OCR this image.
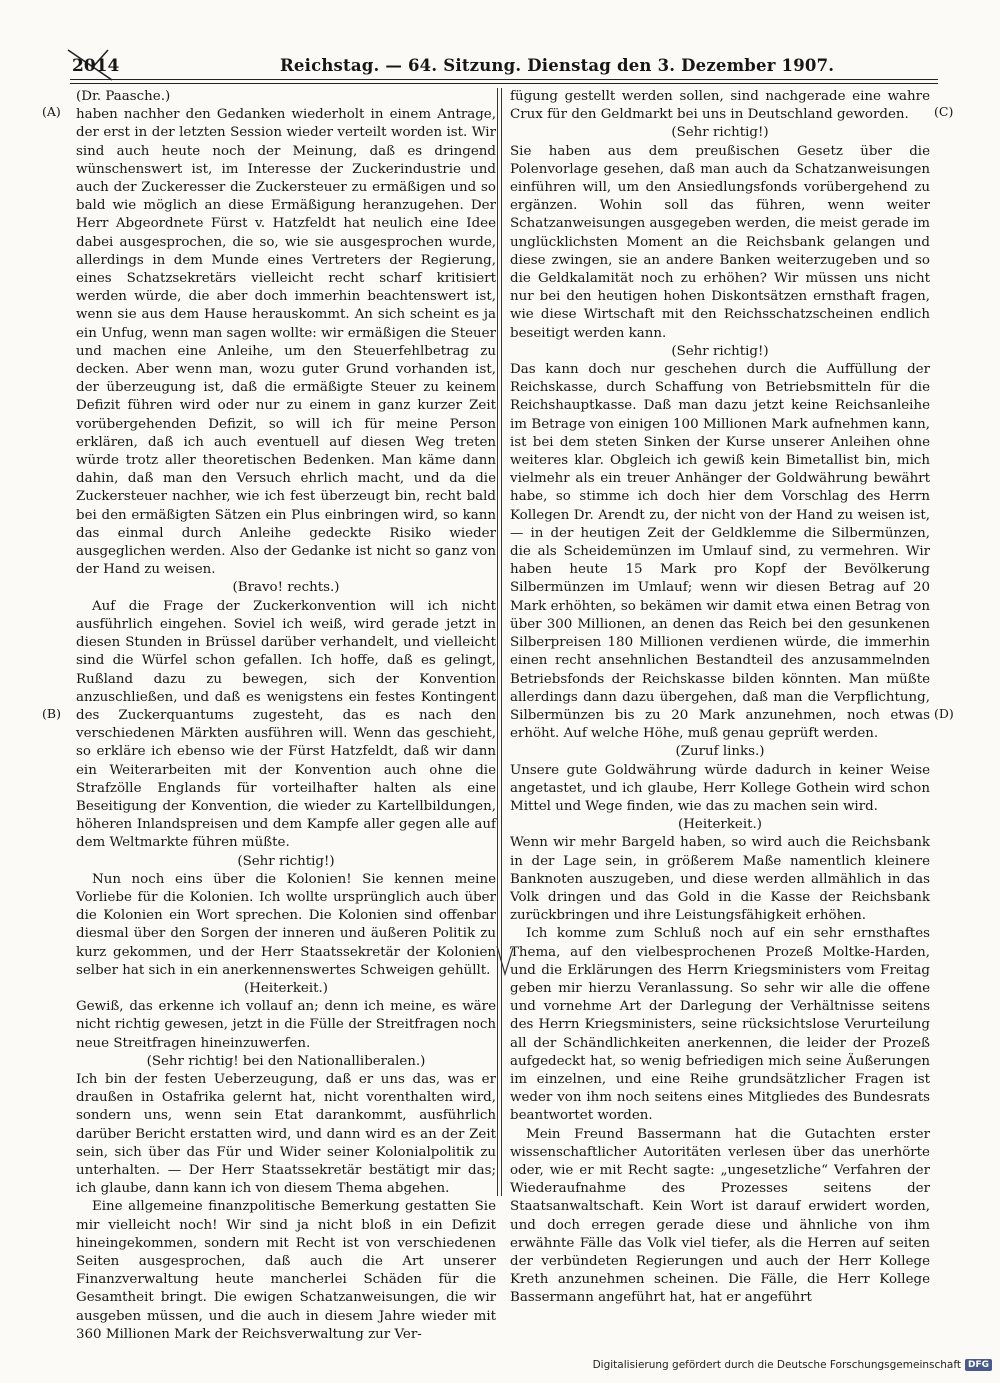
2014	Reichstag. — 64. Sitzung. Dienstag den 3. Dezember 1907.
(A)
(B)
(C)
(D)

(Dr. Paasche.)

haben nachher den Gedanken wiederholt in einem Antrage, der erst in der letzten Session wieder verteilt worden ist. Wir sind auch heute noch der Meinung, daß es dringend wünschenswert ist, im Interesse der Zuckerindustrie und auch der Zuckeresser die Zuckersteuer zu ermäßigen und so bald wie möglich an diese Ermäßigung heranzugehen. Der Herr Abgeordnete Fürst v. Hatzfeldt hat neulich eine Idee dabei ausgesprochen, die so, wie sie ausgesprochen wurde, allerdings in dem Munde eines Vertreters der Regierung, eines Schatzsekretärs vielleicht recht scharf kritisiert werden würde, die aber doch immerhin beachtenswert ist, wenn sie aus dem Hause herauskommt. An sich scheint es ja ein Unfug, wenn man sagen wollte: wir ermäßigen die Steuer und machen eine Anleihe, um den Steuerfehlbetrag zu decken. Aber wenn man, wozu guter Grund vorhanden ist, der überzeugung ist, daß die ermäßigte Steuer zu keinem Defizit führen wird oder nur zu einem in ganz kurzer Zeit vorübergehenden Defizit, so will ich für meine Person erklären, daß ich auch eventuell auf diesen Weg treten würde trotz aller theoretischen Bedenken. Man käme dann dahin, daß man den Versuch ehrlich macht, und da die Zuckersteuer nachher, wie ich fest überzeugt bin, recht bald bei den ermäßigten Sätzen ein Plus einbringen wird, so kann das einmal durch Anleihe gedeckte Risiko wieder ausgeglichen werden. Also der Gedanke ist nicht so ganz von der Hand zu weisen.

(Bravo! rechts.)

Auf die Frage der Zuckerkonvention will ich nicht ausführlich eingehen. Soviel ich weiß, wird gerade jetzt in diesen Stunden in Brüssel darüber verhandelt, und vielleicht sind die Würfel schon gefallen. Ich hoffe, daß es gelingt, Rußland dazu zu bewegen, sich der Konvention anzuschließen, und daß es wenigstens ein festes Kontingent des Zuckerquantums zugesteht, das es nach den verschiedenen Märkten ausführen will. Wenn das geschieht, so erkläre ich ebenso wie der Fürst Hatzfeldt, daß wir dann ein Weiterarbeiten mit der Konvention auch ohne die Strafzölle Englands für vorteilhafter halten als eine Beseitigung der Konvention, die wieder zu Kartellbildungen, höheren Inlandspreisen und dem Kampfe aller gegen alle auf dem Weltmarkte führen müßte.

(Sehr richtig!)

Nun noch eins über die Kolonien! Sie kennen meine Vorliebe für die Kolonien. Ich wollte ursprünglich auch über die Kolonien ein Wort sprechen. Die Kolonien sind offenbar diesmal über den Sorgen der inneren und äußeren Politik zu kurz gekommen, und der Herr Staatssekretär der Kolonien selber hat sich in ein anerkennenswertes Schweigen gehüllt.

(Heiterkeit.)

Gewiß, das erkenne ich vollauf an; denn ich meine, es wäre nicht richtig gewesen, jetzt in die Fülle der Streitfragen noch neue Streitfragen hineinzuwerfen.

(Sehr richtig! bei den Nationalliberalen.)

Ich bin der festen Ueberzeugung, daß er uns das, was er draußen in Ostafrika gelernt hat, nicht vorenthalten wird, sondern uns, wenn sein Etat darankommt, ausführlich darüber Bericht erstatten wird, und dann wird es an der Zeit sein, sich über das Für und Wider seiner Kolonialpolitik zu unterhalten. — Der Herr Staatssekretär bestätigt mir das; ich glaube, dann kann ich von diesem Thema abgehen.

Eine allgemeine finanzpolitische Bemerkung gestatten Sie mir vielleicht noch! Wir sind ja nicht bloß in ein Defizit hineingekommen, sondern mit Recht ist von verschiedenen Seiten ausgesprochen, daß auch die Art unserer Finanzverwaltung heute mancherlei Schäden für die Gesamtheit bringt. Die ewigen Schatzanweisungen, die wir ausgeben müssen, und die auch in diesem Jahre wieder mit 360 Millionen Mark der Reichsverwaltung zur Ver-

fügung gestellt werden sollen, sind nachgerade eine wahre Crux für den Geldmarkt bei uns in Deutschland geworden.

(Sehr richtig!)

Sie haben aus dem preußischen Gesetz über die Polenvorlage gesehen, daß man auch da Schatzanweisungen einführen will, um den Ansiedlungsfonds vorübergehend zu ergänzen. Wohin soll das führen, wenn weiter Schatzanweisungen ausgegeben werden, die meist gerade im unglücklichsten Moment an die Reichsbank gelangen und diese zwingen, sie an andere Banken weiterzugeben und so die Geldkalamität noch zu erhöhen? Wir müssen uns nicht nur bei den heutigen hohen Diskontsätzen ernsthaft fragen, wie diese Wirtschaft mit den Reichsschatzscheinen endlich beseitigt werden kann.

(Sehr richtig!)

Das kann doch nur geschehen durch die Auffüllung der Reichskasse, durch Schaffung von Betriebsmitteln für die Reichshauptkasse. Daß man dazu jetzt keine Reichsanleihe im Betrage von einigen 100 Millionen Mark aufnehmen kann, ist bei dem steten Sinken der Kurse unserer Anleihen ohne weiteres klar. Obgleich ich gewiß kein Bimetallist bin, mich vielmehr als ein treuer Anhänger der Goldwährung bewährt habe, so stimme ich doch hier dem Vorschlag des Herrn Kollegen Dr. Arendt zu, der nicht von der Hand zu weisen ist, — in der heutigen Zeit der Geldklemme die Silbermünzen, die als Scheidemünzen im Umlauf sind, zu vermehren. Wir haben heute 15 Mark pro Kopf der Bevölkerung Silbermünzen im Umlauf; wenn wir diesen Betrag auf 20 Mark erhöhten, so bekämen wir damit etwa einen Betrag von über 300 Millionen, an denen das Reich bei den gesunkenen Silberpreisen 180 Millionen verdienen würde, die immerhin einen recht ansehnlichen Bestandteil des anzusammelnden Betriebsfonds der Reichskasse bilden könnten. Man müßte allerdings dann dazu übergehen, daß man die Verpflichtung, Silbermünzen bis zu 20 Mark anzunehmen, noch etwas erhöht. Auf welche Höhe, muß genau geprüft werden.

(Zuruf links.)

Unsere gute Goldwährung würde dadurch in keiner Weise angetastet, und ich glaube, Herr Kollege Gothein wird schon Mittel und Wege finden, wie das zu machen sein wird.

(Heiterkeit.)

Wenn wir mehr Bargeld haben, so wird auch die Reichsbank in der Lage sein, in größerem Maße namentlich kleinere Banknoten auszugeben, und diese werden allmählich in das Volk dringen und das Gold in die Kasse der Reichsbank zurückbringen und ihre Leistungsfähigkeit erhöhen.

Ich komme zum Schluß noch auf ein sehr ernsthaftes Thema, auf den vielbesprochenen Prozeß Moltke-Harden, und die Erklärungen des Herrn Kriegsministers vom Freitag geben mir hierzu Veranlassung. So sehr wir alle die offene und vornehme Art der Darlegung der Verhältnisse seitens des Herrn Kriegsministers, seine rücksichtslose Verurteilung all der Schändlichkeiten anerkennen, die leider der Prozeß aufgedeckt hat, so wenig befriedigen mich seine Äußerungen im einzelnen, und eine Reihe grundsätzlicher Fragen ist weder von ihm noch seitens eines Mitgliedes des Bundesrats beantwortet worden.

Mein Freund Bassermann hat die Gutachten erster wissenschaftlicher Autoritäten verlesen über das unerhörte oder, wie er mit Recht sagte: „ungesetzliche“ Verfahren der Wiederaufnahme des Prozesses seitens der Staatsanwaltschaft. Kein Wort ist darauf erwidert worden, und doch erregen gerade diese und ähnliche von ihm erwähnte Fälle das Volk viel tiefer, als die Herren auf seiten der verbündeten Regierungen und auch der Herr Kollege Kreth anzunehmen scheinen. Die Fälle, die Herr Kollege Bassermann angeführt hat, hat er angeführt

Digitalisierung gefördert durch die Deutsche Forschungsgemeinschaft DFG
